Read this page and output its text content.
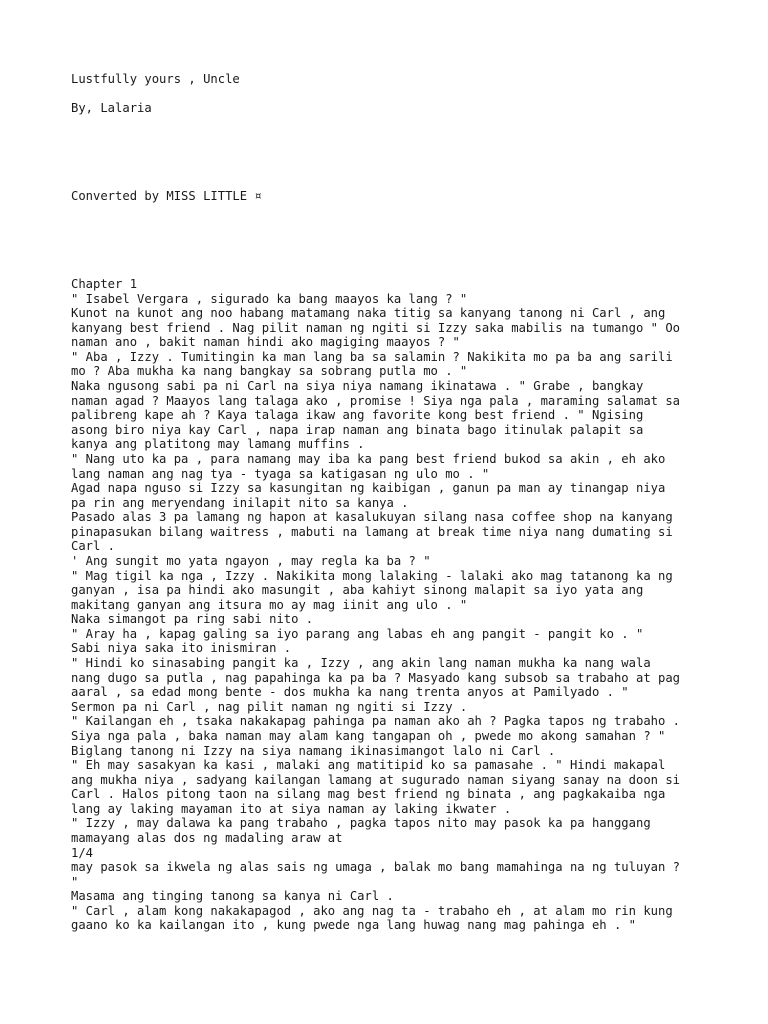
Lustfully yours , Uncle
By, Lalaria
Converted by MISS LITTLE ¤
Chapter 1
" Isabel Vergara , sigurado ka bang maayos ka lang ? "
Kunot na kunot ang noo habang matamang naka titig sa kanyang tanong ni Carl , ang
kanyang best friend . Nag pilit naman ng ngiti si Izzy saka mabilis na tumango " Oo
naman ano , bakit naman hindi ako magiging maayos ? "
" Aba , Izzy . Tumitingin ka man lang ba sa salamin ? Nakikita mo pa ba ang sarili
mo ? Aba mukha ka nang bangkay sa sobrang putla mo . "
Naka ngusong sabi pa ni Carl na siya niya namang ikinatawa . " Grabe , bangkay
naman agad ? Maayos lang talaga ako , promise ! Siya nga pala , maraming salamat sa
palibreng kape ah ? Kaya talaga ikaw ang favorite kong best friend . " Ngising
asong biro niya kay Carl , napa irap naman ang binata bago itinulak palapit sa
kanya ang platitong may lamang muffins .
" Nang uto ka pa , para namang may iba ka pang best friend bukod sa akin , eh ako
lang naman ang nag tya - tyaga sa katigasan ng ulo mo . "
Agad napa nguso si Izzy sa kasungitan ng kaibigan , ganun pa man ay tinangap niya
pa rin ang meryendang inilapit nito sa kanya .
Pasado alas 3 pa lamang ng hapon at kasalukuyan silang nasa coffee shop na kanyang
pinapasukan bilang waitress , mabuti na lamang at break time niya nang dumating si
Carl .
' Ang sungit mo yata ngayon , may regla ka ba ? "
" Mag tigil ka nga , Izzy . Nakikita mong lalaking - lalaki ako mag tatanong ka ng
ganyan , isa pa hindi ako masungit , aba kahiyt sinong malapit sa iyo yata ang
makitang ganyan ang itsura mo ay mag iinit ang ulo . "
Naka simangot pa ring sabi nito .
" Aray ha , kapag galing sa iyo parang ang labas eh ang pangit - pangit ko . "
Sabi niya saka ito inismiran .
" Hindi ko sinasabing pangit ka , Izzy , ang akin lang naman mukha ka nang wala
nang dugo sa putla , nag papahinga ka pa ba ? Masyado kang subsob sa trabaho at pag
aaral , sa edad mong bente - dos mukha ka nang trenta anyos at Pamilyado . "
Sermon pa ni Carl , nag pilit naman ng ngiti si Izzy .
" Kailangan eh , tsaka nakakapag pahinga pa naman ako ah ? Pagka tapos ng trabaho .
Siya nga pala , baka naman may alam kang tangapan oh , pwede mo akong samahan ? "
Biglang tanong ni Izzy na siya namang ikinasimangot lalo ni Carl .
" Eh may sasakyan ka kasi , malaki ang matitipid ko sa pamasahe . " Hindi makapal
ang mukha niya , sadyang kailangan lamang at sugurado naman siyang sanay na doon si
Carl . Halos pitong taon na silang mag best friend ng binata , ang pagkakaiba nga
lang ay laking mayaman ito at siya naman ay laking ikwater .
" Izzy , may dalawa ka pang trabaho , pagka tapos nito may pasok ka pa hanggang
mamayang alas dos ng madaling araw at
1/4
may pasok sa ikwela ng alas sais ng umaga , balak mo bang mamahinga na ng tuluyan ?
"
Masama ang tinging tanong sa kanya ni Carl .
" Carl , alam kong nakakapagod , ako ang nag ta - trabaho eh , at alam mo rin kung
gaano ko ka kailangan ito , kung pwede nga lang huwag nang mag pahinga eh . "
